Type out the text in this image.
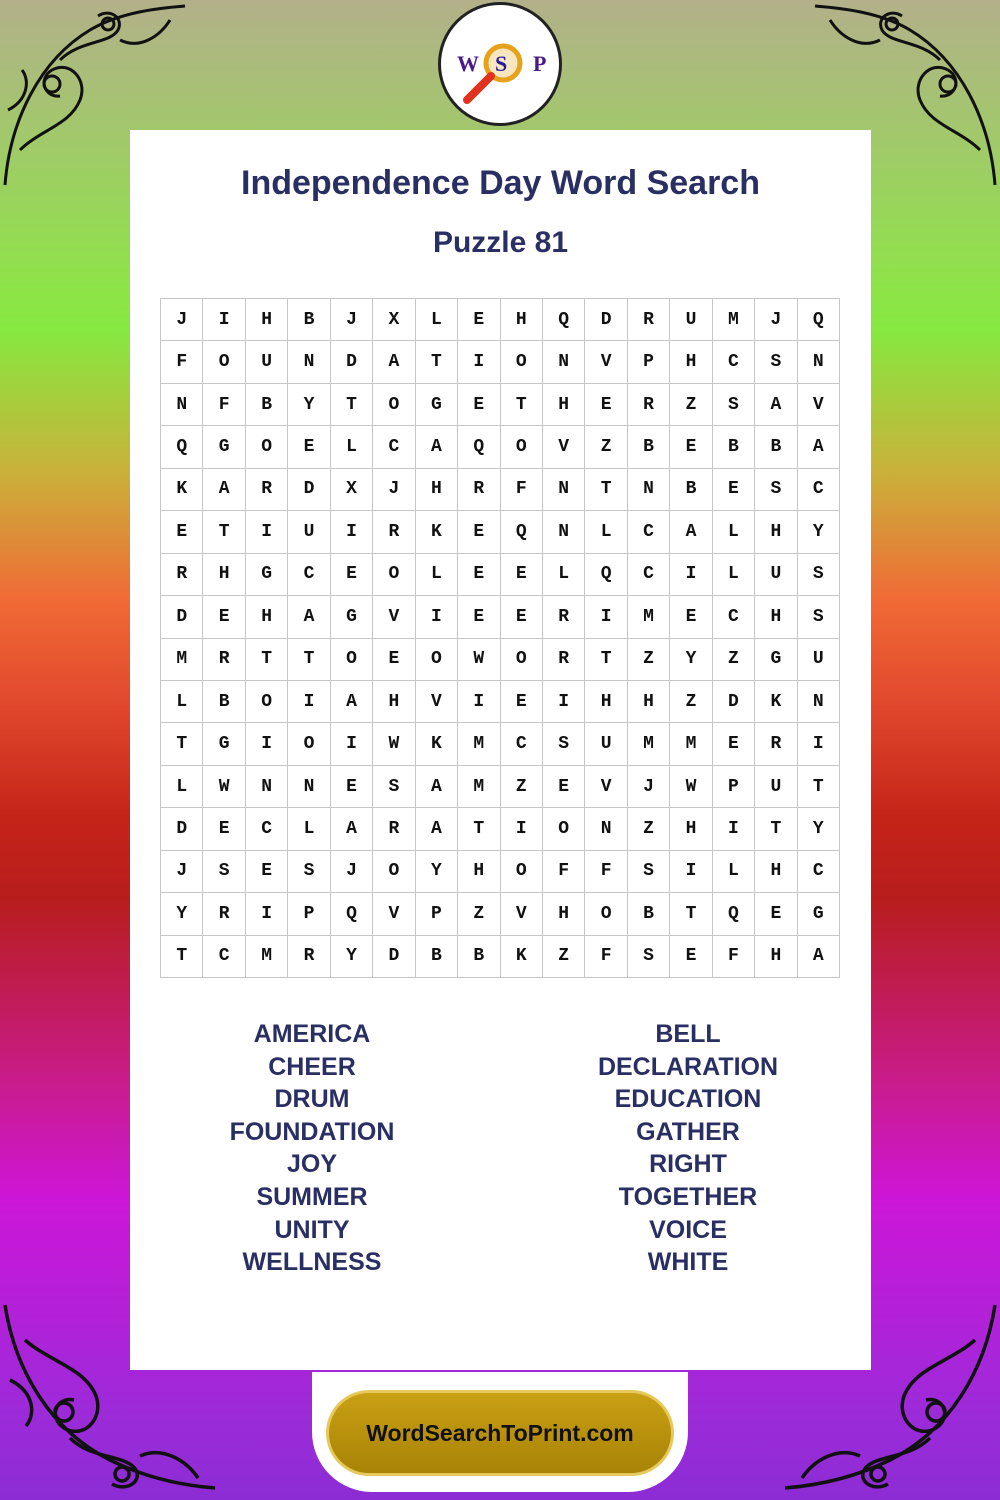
W S P
Independence Day Word Search
Puzzle 81
J	I	H	B	J	X	L	E	H	Q	D	R	U	M	J	Q
F	O	U	N	D	A	T	I	O	N	V	P	H	C	S	N
N	F	B	Y	T	O	G	E	T	H	E	R	Z	S	A	V
Q	G	O	E	L	C	A	Q	O	V	Z	B	E	B	B	A
K	A	R	D	X	J	H	R	F	N	T	N	B	E	S	C
E	T	I	U	I	R	K	E	Q	N	L	C	A	L	H	Y
R	H	G	C	E	O	L	E	E	L	Q	C	I	L	U	S
D	E	H	A	G	V	I	E	E	R	I	M	E	C	H	S
M	R	T	T	O	E	O	W	O	R	T	Z	Y	Z	G	U
L	B	O	I	A	H	V	I	E	I	H	H	Z	D	K	N
T	G	I	O	I	W	K	M	C	S	U	M	M	E	R	I
L	W	N	N	E	S	A	M	Z	E	V	J	W	P	U	T
D	E	C	L	A	R	A	T	I	O	N	Z	H	I	T	Y
J	S	E	S	J	O	Y	H	O	F	F	S	I	L	H	C
Y	R	I	P	Q	V	P	Z	V	H	O	B	T	Q	E	G
T	C	M	R	Y	D	B	B	K	Z	F	S	E	F	H	A
AMERICA
CHEER
DRUM
FOUNDATION
JOY
SUMMER
UNITY
WELLNESS
BELL
DECLARATION
EDUCATION
GATHER
RIGHT
TOGETHER
VOICE
WHITE
WordSearchToPrint.com
